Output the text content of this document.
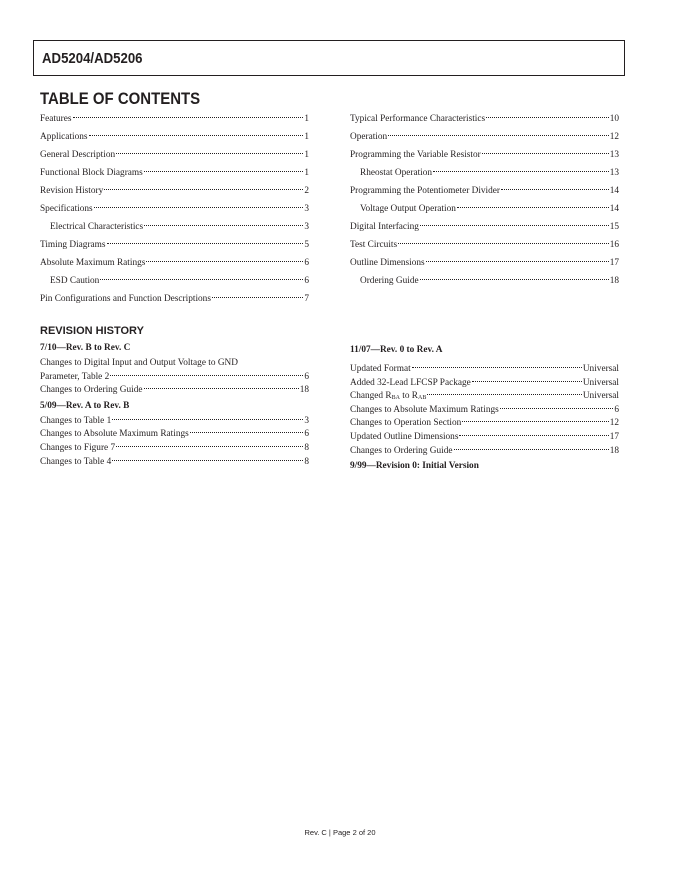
AD5204/AD5206
TABLE OF CONTENTS
Features	1
Applications	1
General Description	1
Functional Block Diagrams	1
Revision History	2
Specifications	3
Electrical Characteristics	3
Timing Diagrams	5
Absolute Maximum Ratings	6
ESD Caution	6
Pin Configurations and Function Descriptions	7
Typical Performance Characteristics	10
Operation	12
Programming the Variable Resistor	13
Rheostat Operation	13
Programming the Potentiometer Divider	14
Voltage Output Operation	14
Digital Interfacing	15
Test Circuits	16
Outline Dimensions	17
Ordering Guide	18
REVISION HISTORY
7/10—Rev. B to Rev. C
Changes to Digital Input and Output Voltage to GND
Parameter, Table 2	6
Changes to Ordering Guide	18
5/09—Rev. A to Rev. B
Changes to Table 1	3
Changes to Absolute Maximum Ratings	6
Changes to Figure 7	8
Changes to Table 4	8
11/07—Rev. 0 to Rev. A
Updated Format	Universal
Added 32-Lead LFCSP Package	Universal
Changed $R_{BA}$ to $R_{AB}$	Universal
Changes to Absolute Maximum Ratings	6
Changes to Operation Section	12
Updated Outline Dimensions	17
Changes to Ordering Guide	18
9/99—Revision 0: Initial Version
Rev. C | Page 2 of 20
